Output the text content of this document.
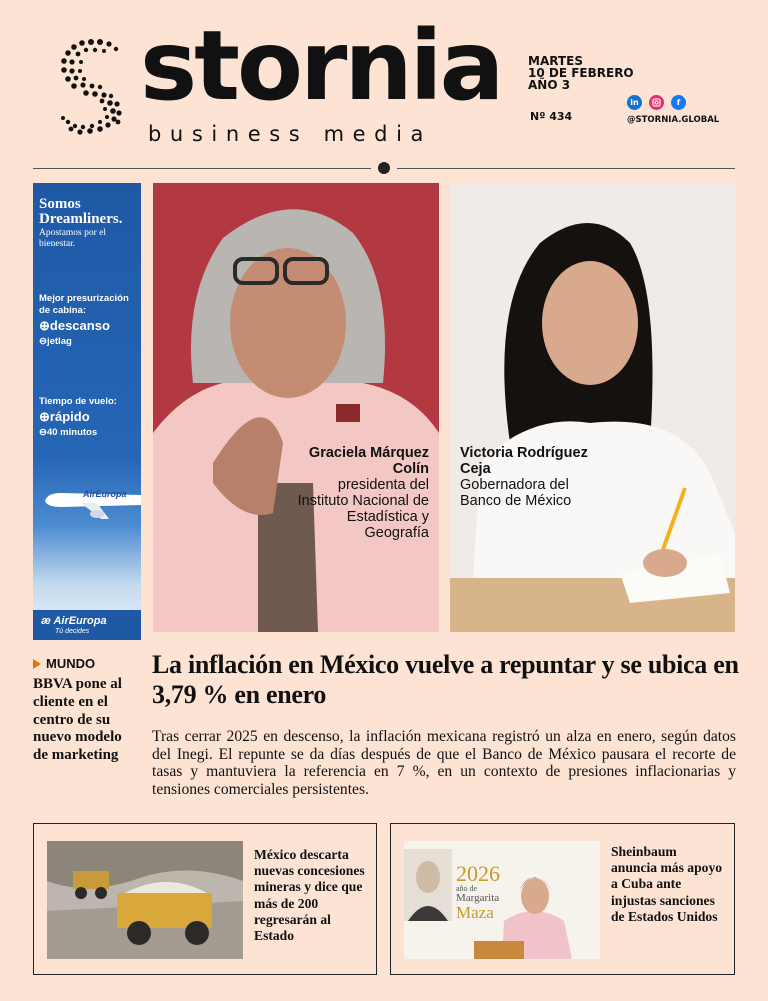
stornia
business media
MARTES
10 DE FEBRERO
AÑO 3
Nº 434
in	f
@STORNIA.GLOBAL
Somos Dreamliners.
Apostamos por el bienestar.
Mejor presurización de cabina:
⊕descanso
⊖jetlag
Tiempo de vuelo:
⊕rápido
⊖40 minutos
AirEuropa
æ AirEuropa
Tú decides
Graciela Márquez Colín
presidenta del Instituto Nacional de Estadística y Geografía
Victoria Rodríguez Ceja
Gobernadora del Banco de México
MUNDO
BBVA pone al cliente en el centro de su nuevo modelo de marketing
La inflación en México vuelve a repuntar y se ubica en 3,79 % en enero
Tras cerrar 2025 en descenso, la inflación mexicana registró un alza en enero, según datos del Inegi. El repunte se da días después de que el Banco de México pausara el recorte de tasas y mantuviera la referencia en 7 %, en un contexto de presiones inflacionarias y tensiones comerciales persistentes.
México descarta nuevas concesiones mineras y dice que más de 200 regresarán al Estado
2026
año de
Margarita
Maza
Sheinbaum anuncia más apoyo a Cuba ante injustas sanciones de Estados Unidos
